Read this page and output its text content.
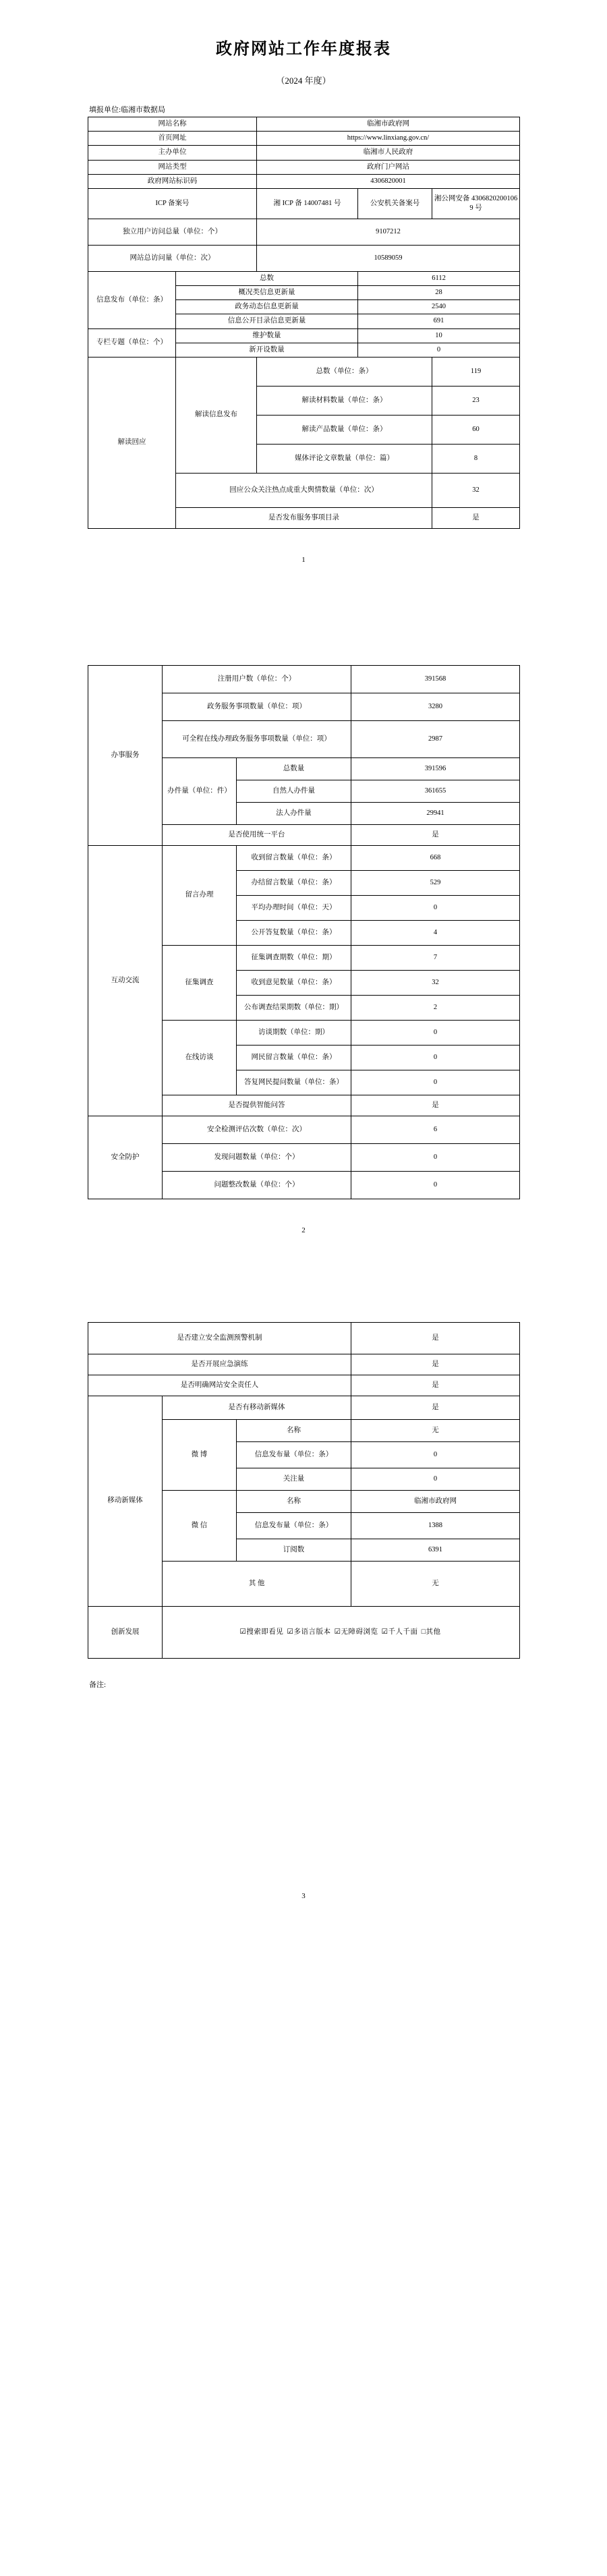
政府网站工作年度报表
（2024 年度）
填报单位:临湘市数据局
网站名称		临湘市政府网		
首页网址		https://www.linxiang.gov.cn/		
主办单位		临湘市人民政府		
网站类型		政府门户网站		
政府网站标识码		4306820001		
ICP 备案号		湘 ICP 备 14007481 号	公安机关备案号	湘公网安备 43068202001069 号
独立用户访问总量（单位：个）		9107212		
网站总访问量（单位：次）		10589059		
信息发布（单位：条）	总数		6112	
	概况类信息更新量		28	
	政务动态信息更新量		2540	
	信息公开目录信息更新量		691	
专栏专题（单位：个）	维护数量		10	
	新开设数量		0	
解读回应	解读信息发布	总数（单位：条）		119
		解读材料数量（单位：条）		23
		解读产品数量（单位：条）		60
		媒体评论文章数量（单位：篇）		8
	回应公众关注热点成重大舆情数量（单位：次）			32
	是否发布服务事项目录			是
1
办事服务	注册用户数（单位：个）		391568
	政务服务事项数量（单位：项）		3280
	可全程在线办理政务服务事项数量（单位：项）		2987
	办件量（单位：件）	总数量	391596
		自然人办件量	361655
		法人办件量	29941
	是否使用统一平台		是
互动交流	留言办理	收到留言数量（单位：条）	668
		办结留言数量（单位：条）	529
		平均办理时间（单位：天）	0
		公开答复数量（单位：条）	4
	征集调查	征集调查期数（单位：期）	7
		收到意见数量（单位：条）	32
		公布调查结果期数（单位：期）	2
	在线访谈	访谈期数（单位：期）	0
		网民留言数量（单位：条）	0
		答复网民提问数量（单位：条）	0
	是否提供智能问答		是
安全防护	安全检测评估次数（单位：次）		6
	发现问题数量（单位：个）		0
	问题整改数量（单位：个）		0
2
是否建立安全监测预警机制			是
是否开展应急演练			是
是否明确网站安全责任人			是
移动新媒体	是否有移动新媒体		是
	微 博	名称	无
		信息发布量（单位：条）	0
		关注量	0
	微 信	名称	临湘市政府网
		信息发布量（单位：条）	1388
		订阅数	6391
	其 他		无
创新发展	☑搜索即看见 ☑多语言版本 ☑无障碍浏览 ☑千人千面 □其他		
备注:
3
